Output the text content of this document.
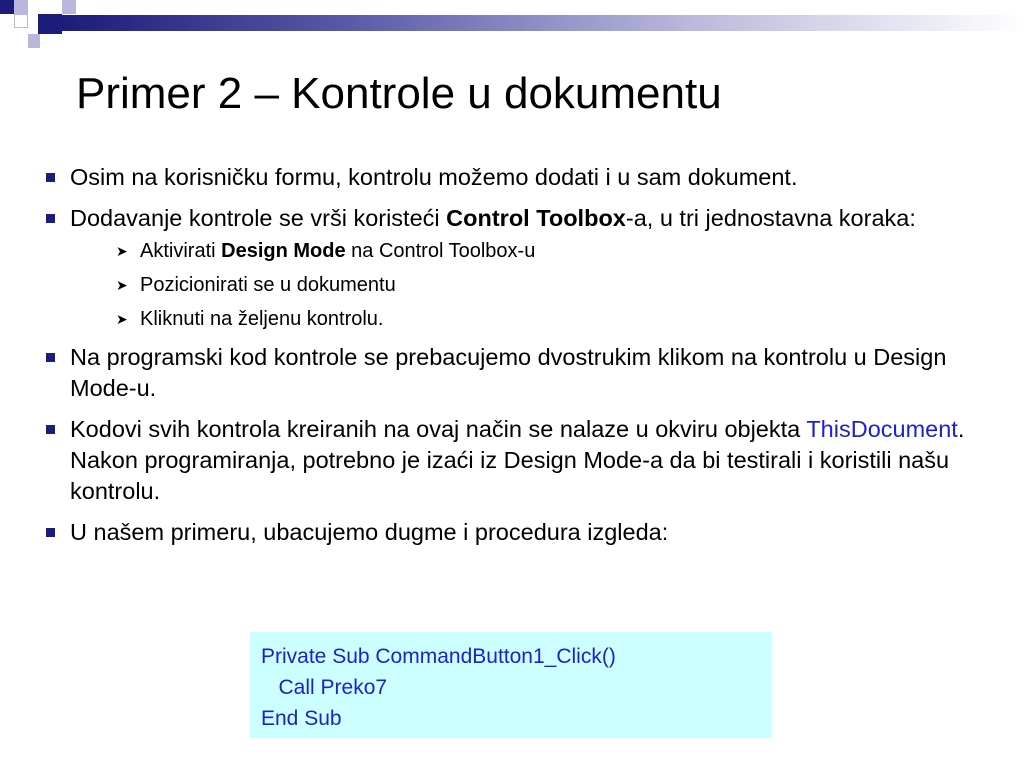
Primer 2 – Kontrole u dokumentu
Osim na korisničku formu, kontrolu možemo dodati i u sam dokument.
Dodavanje kontrole se vrši koristeći Control Toolbox-a, u tri jednostavna koraka:
➤ Aktivirati Design Mode na Control Toolbox-u
➤ Pozicionirati se u dokumentu
➤ Kliknuti na željenu kontrolu.
Na programski kod kontrole se prebacujemo dvostrukim klikom na kontrolu u Design Mode-u.
Kodovi svih kontrola kreiranih na ovaj način se nalaze u okviru objekta ThisDocument. Nakon programiranja, potrebno je izaći iz Design Mode-a da bi testirali i koristili našu kontrolu.
U našem primeru, ubacujemo dugme i procedura izgleda:
Private Sub CommandButton1_Click()
Call Preko7
End Sub
